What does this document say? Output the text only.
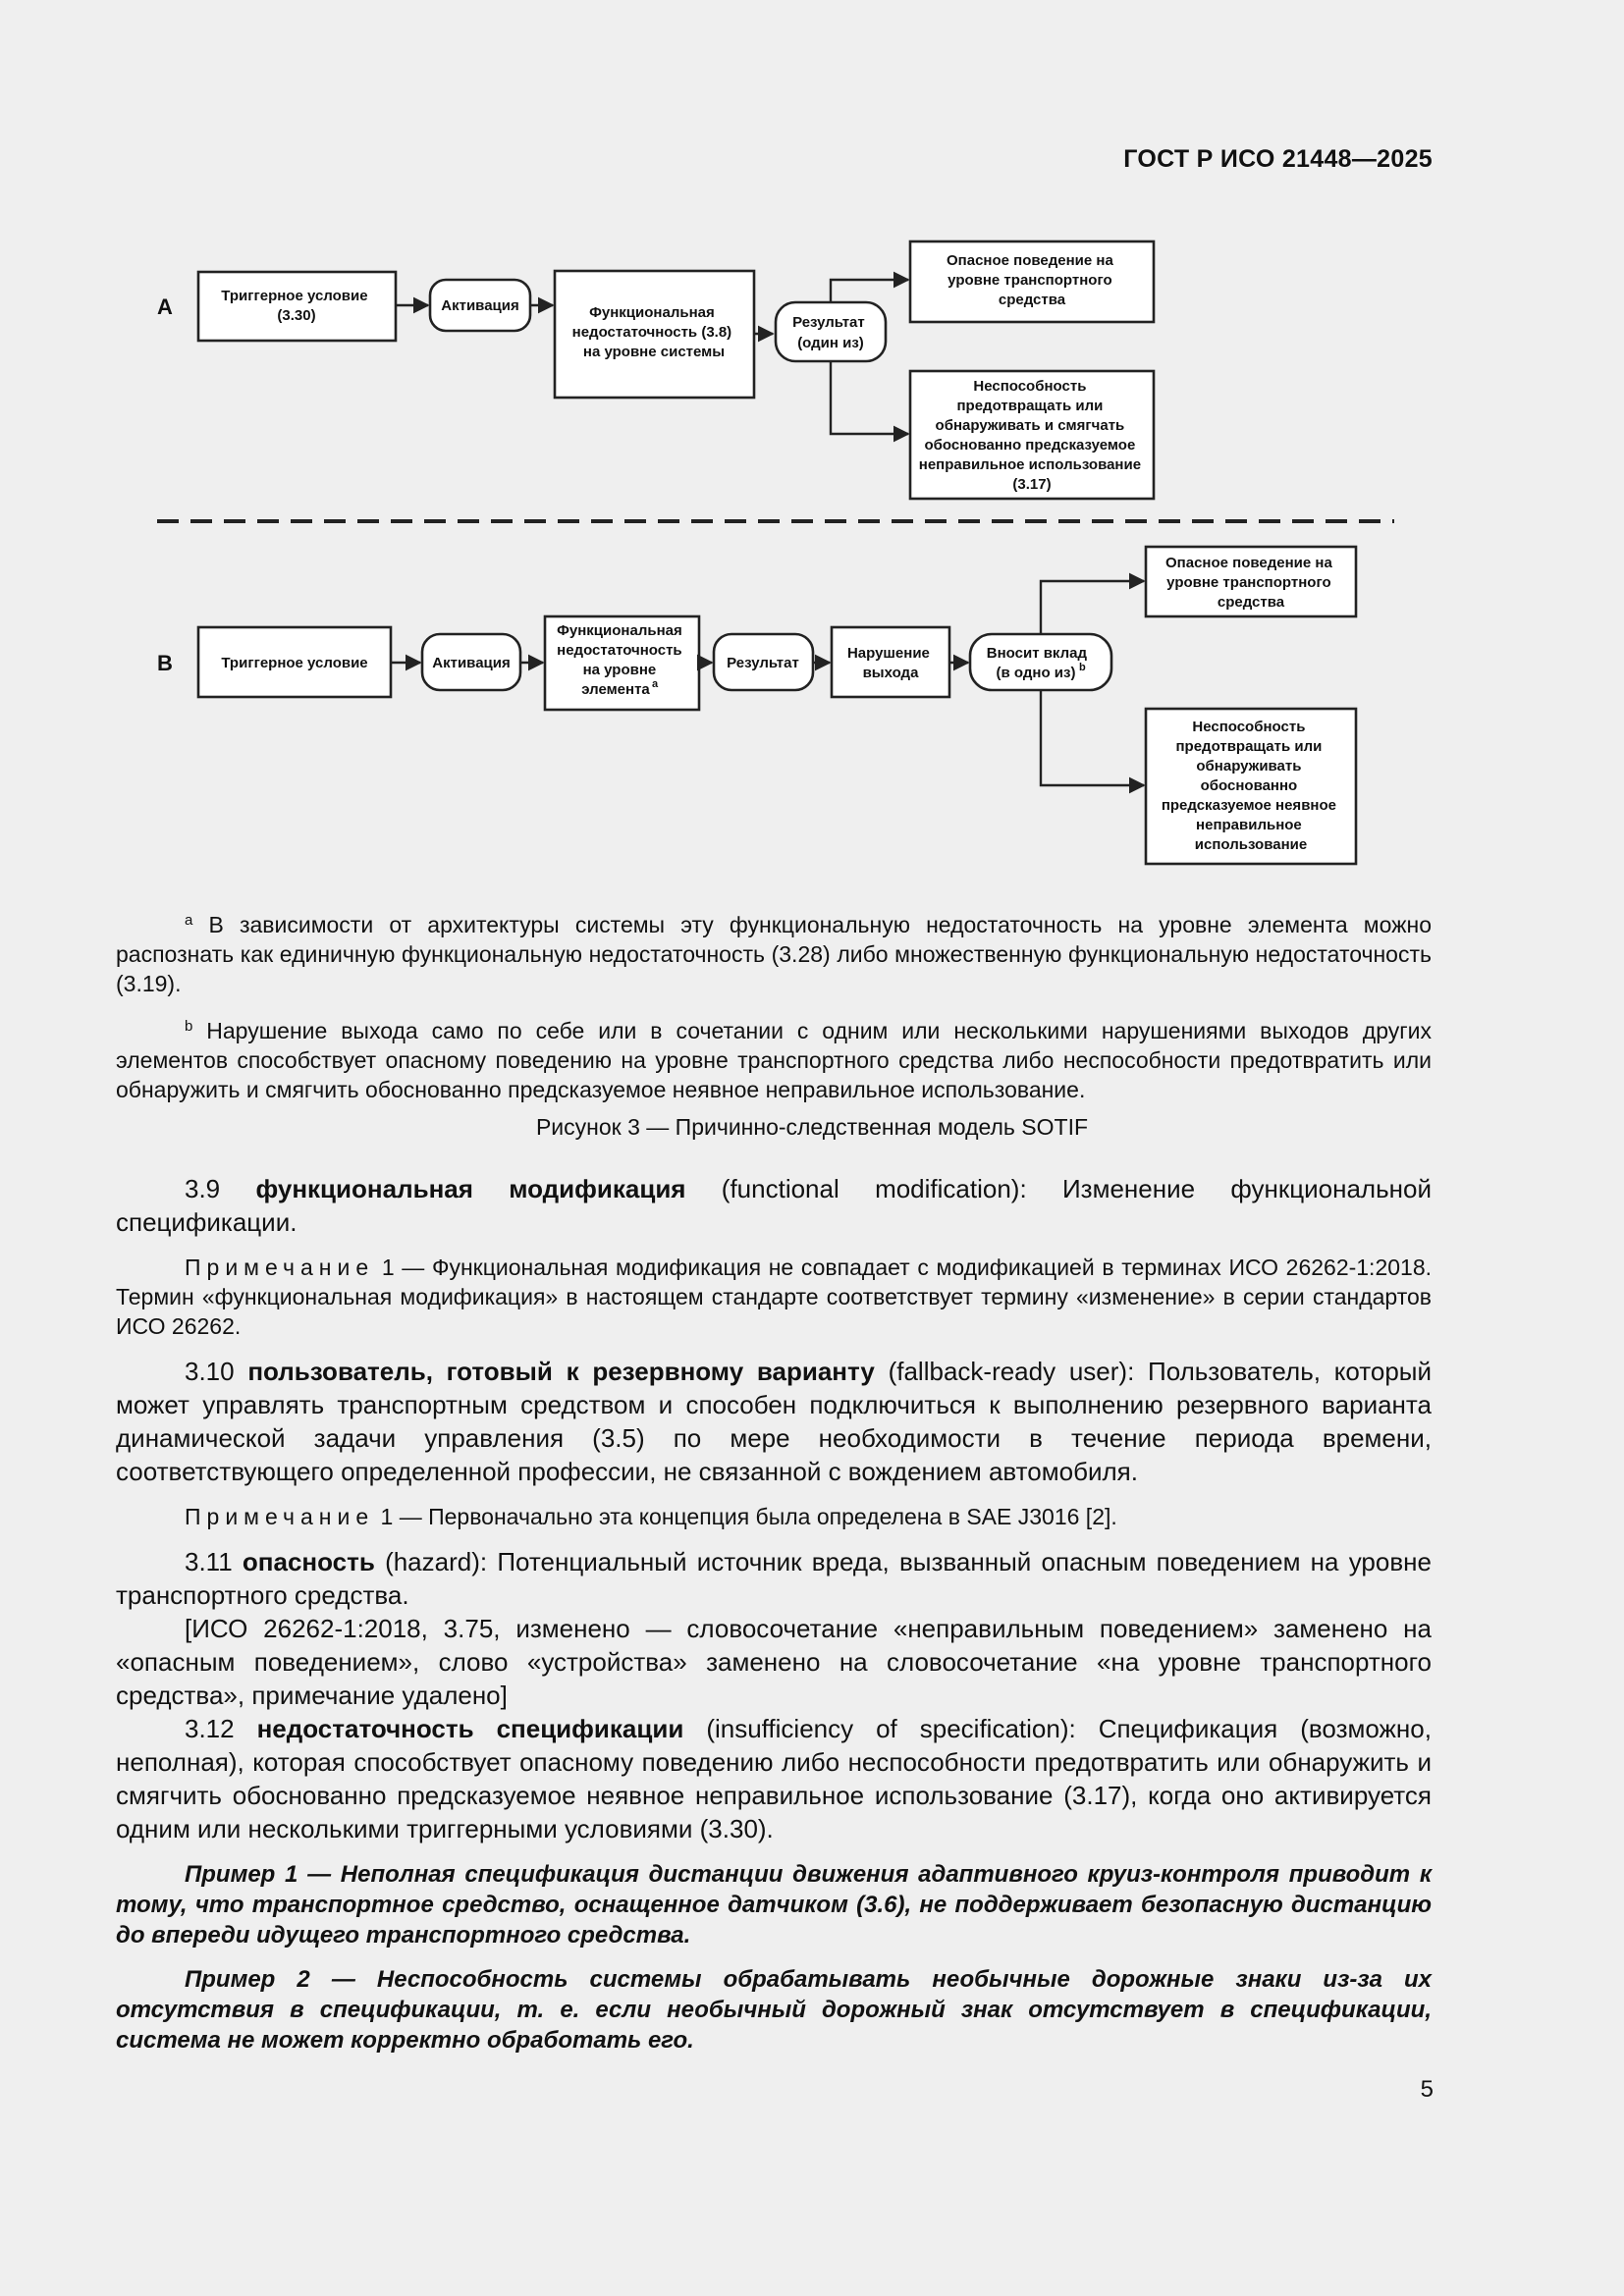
ГОСТ Р ИСО 21448—2025
A	Триггерное условие (3.30)
Активация	Функциональная недостаточность (3.8) на уровне системы
Результат (один из)
Опасное поведение на уровне транспортного средства
Неспособность предотвращать или обнаруживать и смягчать обоснованно предсказуемое неправильное использование (3.17)
B	Триггерное условие	Активация
Функциональная недостаточность на уровне элемента a
Результат
Нарушение выхода
Вносит вклад (в одно из) b
Опасное поведение на уровне транспортного средства
Неспособность предотвращать или обнаруживать обоснованно предсказуемое неявное неправильное использование

$^a$ В зависимости от архитектуры системы эту функциональную недостаточность на уровне элемента можно распознать как единичную функциональную недостаточность (3.28) либо множественную функциональную недостаточность (3.19).

$^b$ Нарушение выхода само по себе или в сочетании с одним или несколькими нарушениями выходов других элементов способствует опасному поведению на уровне транспортного средства либо неспособности предотвратить или обнаружить и смягчить обоснованно предсказуемое неявное неправильное использование.

Рисунок 3 — Причинно-следственная модель SOTIF

3.9 функциональная модификация (functional modification): Изменение функциональной спецификации.

Примечание 1 — Функциональная модификация не совпадает с модификацией в терминах ИСО 26262-1:2018. Термин «функциональная модификация» в настоящем стандарте соответствует термину «изменение» в серии стандартов ИСО 26262.

3.10 пользователь, готовый к резервному варианту (fallback-ready user): Пользователь, который может управлять транспортным средством и способен подключиться к выполнению резервного варианта динамической задачи управления (3.5) по мере необходимости в течение периода времени, соответствующего определенной профессии, не связанной с вождением автомобиля.

Примечание 1 — Первоначально эта концепция была определена в SAE J3016 [2].

3.11 опасность (hazard): Потенциальный источник вреда, вызванный опасным поведением на уровне транспортного средства.

[ИСО 26262-1:2018, 3.75, изменено — словосочетание «неправильным поведением» заменено на «опасным поведением», слово «устройства» заменено на словосочетание «на уровне транспортного средства», примечание удалено]

3.12 недостаточность спецификации (insufficiency of specification): Спецификация (возможно, неполная), которая способствует опасному поведению либо неспособности предотвратить или обнаружить и смягчить обоснованно предсказуемое неявное неправильное использование (3.17), когда оно активируется одним или несколькими триггерными условиями (3.30).

Пример 1 — Неполная спецификация дистанции движения адаптивного круиз-контроля приводит к тому, что транспортное средство, оснащенное датчиком (3.6), не поддерживает безопасную дистанцию до впереди идущего транспортного средства.

Пример 2 — Неспособность системы обрабатывать необычные дорожные знаки из-за их отсутствия в спецификации, т. е. если необычный дорожный знак отсутствует в спецификации, система не может корректно обработать его.

5
